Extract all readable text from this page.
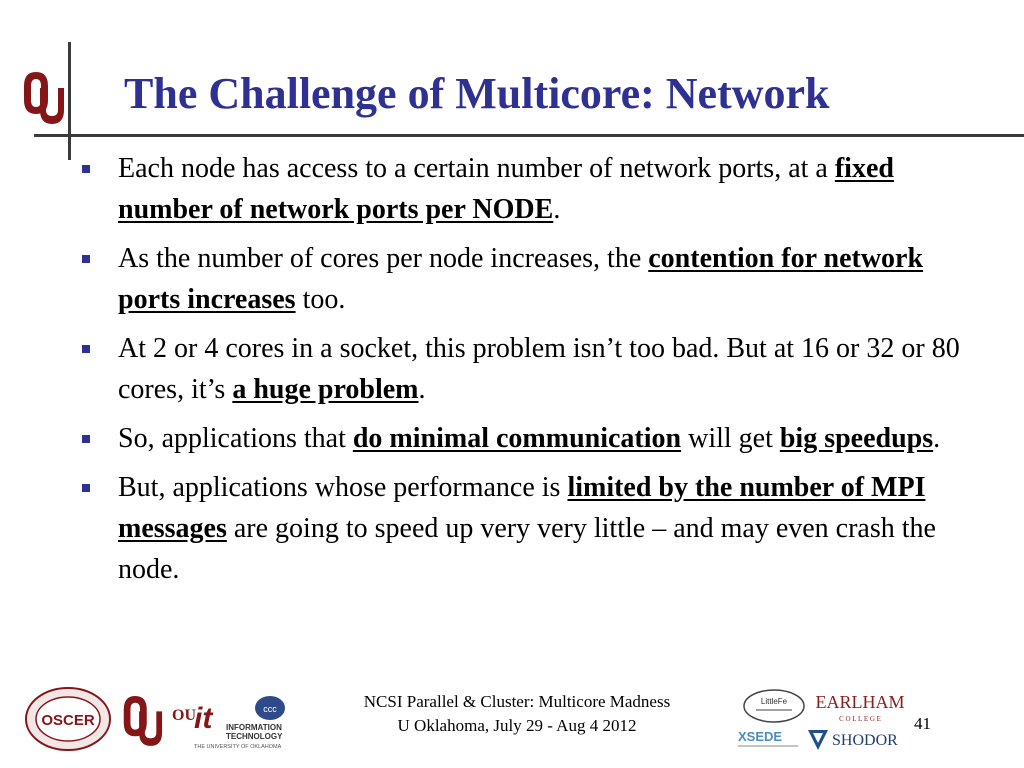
The Challenge of Multicore: Network
Each node has access to a certain number of network ports, at a fixed number of network ports per NODE.
As the number of cores per node increases, the contention for network ports increases too.
At 2 or 4 cores in a socket, this problem isn’t too bad. But at 16 or 32 or 80 cores, it’s a huge problem.
So, applications that do minimal communication will get big speedups.
But, applications whose performance is limited by the number of MPI messages are going to speed up very very little – and may even crash the node.
OSCER	OU
it	ccc
INFORMATION
TECHNOLOGY
THE UNIVERSITY OF OKLAHOMA
NCSI Parallel & Cluster: Multicore Madness
U Oklahoma, July 29 - Aug 4 2012
LittleFe
XSEDE
EARLHAM
C O L L E G E
SHODOR
41
